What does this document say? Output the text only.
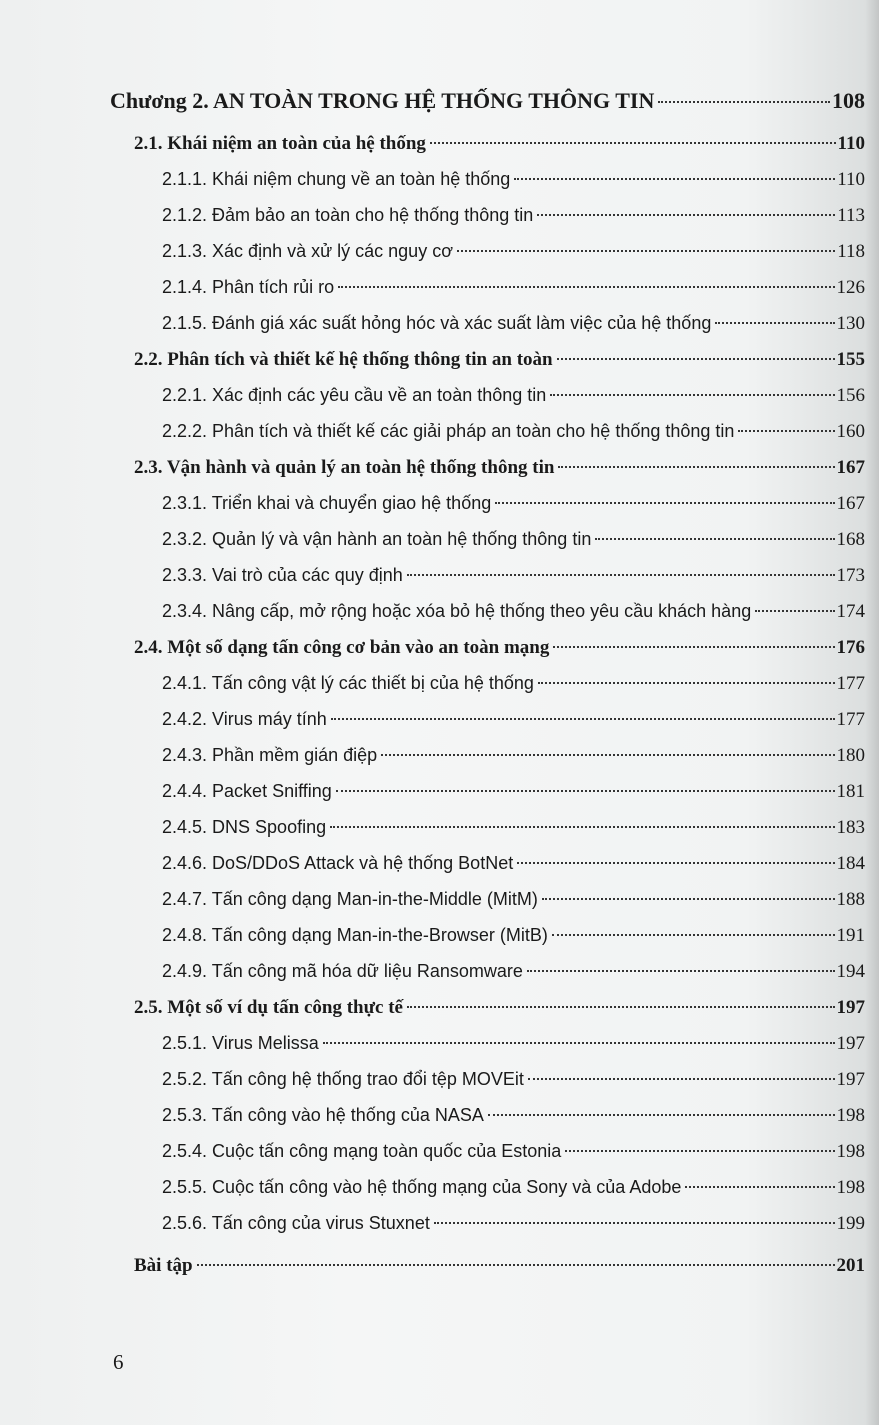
Chương 2. AN TOÀN TRONG HỆ THỐNG THÔNG TIN	108
2.1. Khái niệm an toàn của hệ thống	110
2.1.1. Khái niệm chung về an toàn hệ thống	110
2.1.2. Đảm bảo an toàn cho hệ thống thông tin	113
2.1.3. Xác định và xử lý các nguy cơ	118
2.1.4. Phân tích rủi ro	126
2.1.5. Đánh giá xác suất hỏng hóc và xác suất làm việc của hệ thống	130
2.2. Phân tích và thiết kế hệ thống thông tin an toàn	155
2.2.1. Xác định các yêu cầu về an toàn thông tin	156
2.2.2. Phân tích và thiết kế các giải pháp an toàn cho hệ thống thông tin	160
2.3. Vận hành và quản lý an toàn hệ thống thông tin	167
2.3.1. Triển khai và chuyển giao hệ thống	167
2.3.2. Quản lý và vận hành an toàn hệ thống thông tin	168
2.3.3. Vai trò của các quy định	173
2.3.4. Nâng cấp, mở rộng hoặc xóa bỏ hệ thống theo yêu cầu khách hàng	174
2.4. Một số dạng tấn công cơ bản vào an toàn mạng	176
2.4.1. Tấn công vật lý các thiết bị của hệ thống	177
2.4.2. Virus máy tính	177
2.4.3. Phần mềm gián điệp	180
2.4.4. Packet Sniffing	181
2.4.5. DNS Spoofing	183
2.4.6. DoS/DDoS Attack và hệ thống BotNet	184
2.4.7. Tấn công dạng Man-in-the-Middle (MitM)	188
2.4.8. Tấn công dạng Man-in-the-Browser (MitB)	191
2.4.9. Tấn công mã hóa dữ liệu Ransomware	194
2.5. Một số ví dụ tấn công thực tế	197
2.5.1. Virus Melissa	197
2.5.2. Tấn công hệ thống trao đổi tệp MOVEit	197
2.5.3. Tấn công vào hệ thống của NASA	198
2.5.4. Cuộc tấn công mạng toàn quốc của Estonia	198
2.5.5. Cuộc tấn công vào hệ thống mạng của Sony và của Adobe	198
2.5.6. Tấn công của virus Stuxnet	199
Bài tập	201
6
